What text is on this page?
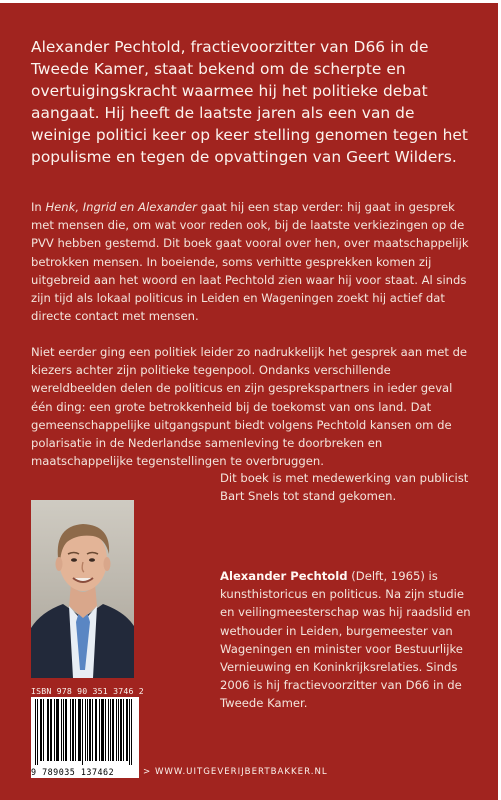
Alexander Pechtold, fractievoorzitter van D66 in de Tweede Kamer, staat bekend om de scherpte en overtuigingskracht waarmee hij het politieke debat aangaat. Hij heeft de laatste jaren als een van de weinige politici keer op keer stelling genomen tegen het populisme en tegen de opvattingen van Geert Wilders.

In Henk, Ingrid en Alexander gaat hij een stap verder: hij gaat in gesprek met mensen die, om wat voor reden ook, bij de laatste verkiezingen op de PVV hebben gestemd. Dit boek gaat vooral over hen, over maatschappelijk betrokken mensen. In boeiende, soms verhitte gesprekken komen zij uitgebreid aan het woord en laat Pechtold zien waar hij voor staat. Al sinds zijn tijd als lokaal politicus in Leiden en Wageningen zoekt hij actief dat directe contact met mensen.

Niet eerder ging een politiek leider zo nadrukkelijk het gesprek aan met de kiezers achter zijn politieke tegenpool. Ondanks verschillende wereldbeelden delen de politicus en zijn gesprekspartners in ieder geval één ding: een grote betrokkenheid bij de toekomst van ons land. Dat gemeenschappelijke uitgangspunt biedt volgens Pechtold kansen om de polarisatie in de Nederlandse samenleving te doorbreken en maatschappelijke tegenstellingen te overbruggen.

Dit boek is met medewerking van publicist Bart Snels tot stand gekomen.

Alexander Pechtold (Delft, 1965) is kunsthistoricus en politicus. Na zijn studie en veilingmeesterschap was hij raadslid en wethouder in Leiden, burgemeester van Wageningen en minister voor Bestuurlijke Vernieuwing en Koninkrijksrelaties. Sinds 2006 is hij fractievoorzitter van D66 in de Tweede Kamer.

ISBN 978 90 351 3746 2
9 789035 137462	> WWW.UITGEVERIJBERTBAKKER.NL
